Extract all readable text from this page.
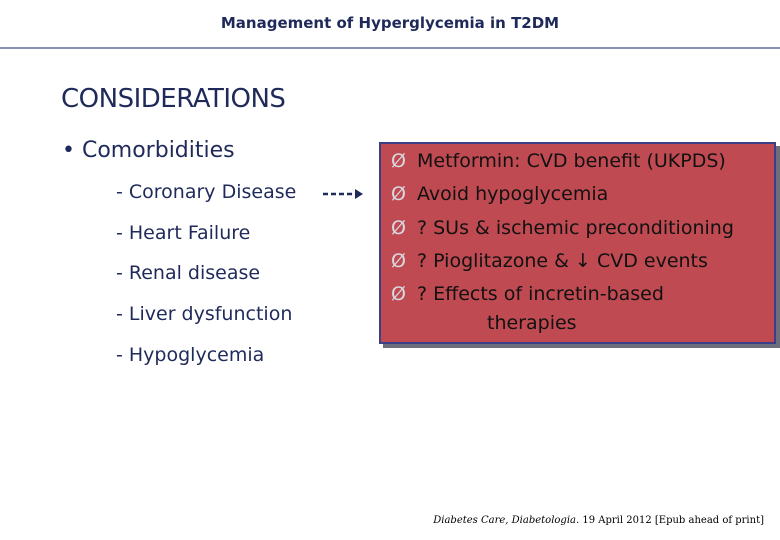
Management of Hyperglycemia in T2DM
CONSIDERATIONS
• Comorbidities
- Coronary Disease
- Heart Failure
- Renal disease
- Liver dysfunction
- Hypoglycemia
Ø Metformin: CVD benefit (UKPDS)
Ø Avoid hypoglycemia
Ø ? SUs & ischemic preconditioning
Ø ? Pioglitazone & ↓ CVD events
Ø ? Effects of incretin-based
therapies
Diabetes Care, Diabetologia. 19 April 2012 [Epub ahead of print]
